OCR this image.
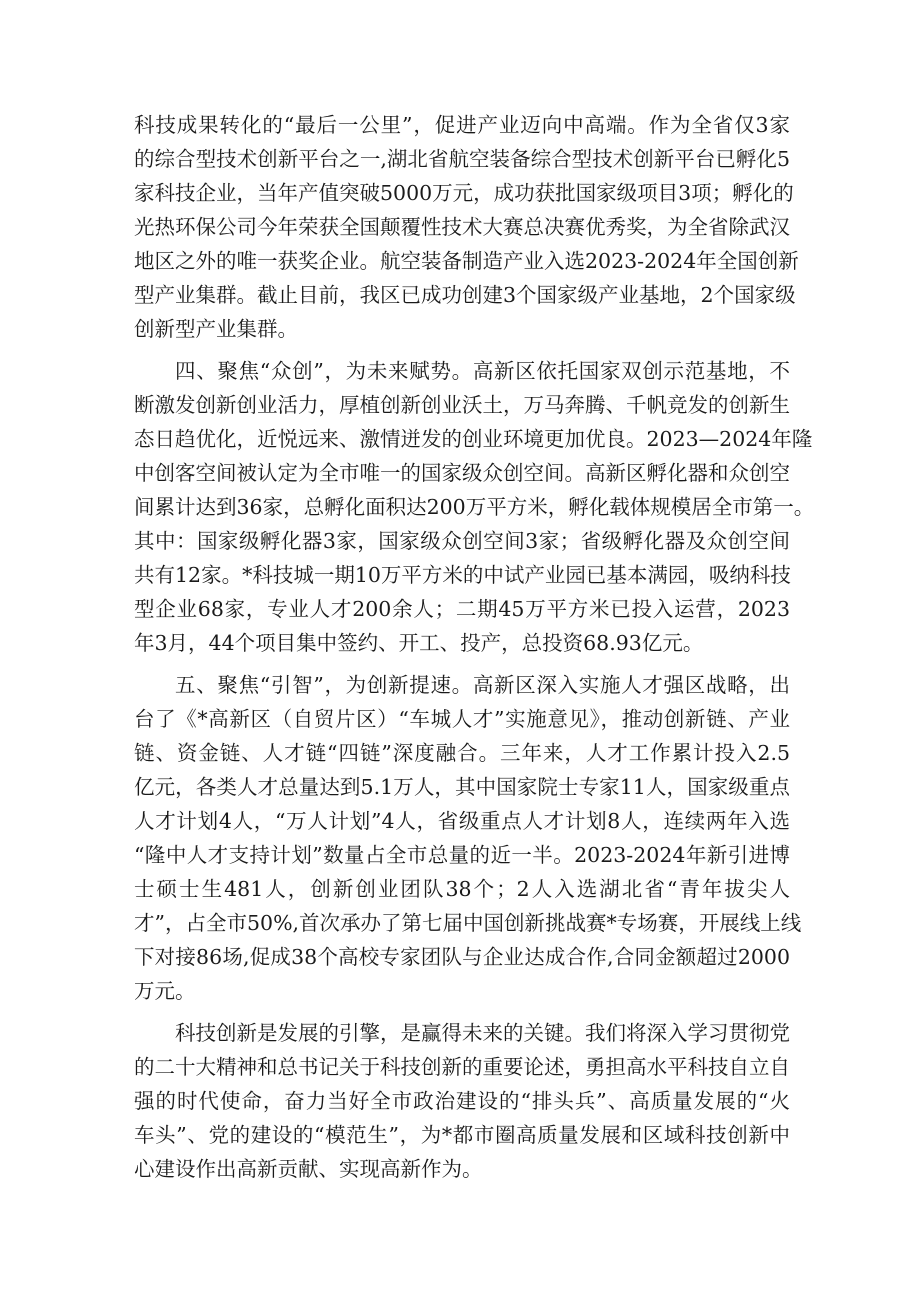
科技成果转化的“最后一公里”，促进产业迈向中高端。作为全省仅3家
的综合型技术创新平台之一,湖北省航空装备综合型技术创新平台已孵化5
家科技企业，当年产值突破5000万元，成功获批国家级项目3项；孵化的
光热环保公司今年荣获全国颠覆性技术大赛总决赛优秀奖，为全省除武汉
地区之外的唯一获奖企业。航空装备制造产业入选2023-2024年全国创新
型产业集群。截止目前，我区已成功创建3个国家级产业基地，2个国家级
创新型产业集群。
四、聚焦“众创”，为未来赋势。高新区依托国家双创示范基地，不
断激发创新创业活力，厚植创新创业沃土，万马奔腾、千帆竞发的创新生
态日趋优化，近悦远来、激情迸发的创业环境更加优良。2023—2024年隆
中创客空间被认定为全市唯一的国家级众创空间。高新区孵化器和众创空
间累计达到36家，总孵化面积达200万平方米，孵化载体规模居全市第一。
其中：国家级孵化器3家，国家级众创空间3家；省级孵化器及众创空间
共有12家。*科技城一期10万平方米的中试产业园已基本满园，吸纳科技
型企业68家，专业人才200余人；二期45万平方米已投入运营，2023
年3月，44个项目集中签约、开工、投产，总投资68.93亿元。
五、聚焦“引智”，为创新提速。高新区深入实施人才强区战略，出
台了《*高新区（自贸片区）“车城人才”实施意见》，推动创新链、产业
链、资金链、人才链“四链”深度融合。三年来，人才工作累计投入2.5
亿元，各类人才总量达到5.1万人，其中国家院士专家11人，国家级重点
人才计划4人，“万人计划”4人，省级重点人才计划8人，连续两年入选
“隆中人才支持计划”数量占全市总量的近一半。2023-2024年新引进博
士硕士生481人，创新创业团队38个；2人入选湖北省“青年拔尖人
才”，占全市50%,首次承办了第七届中国创新挑战赛*专场赛，开展线上线
下对接86场,促成38个高校专家团队与企业达成合作,合同金额超过2000
万元。
科技创新是发展的引擎，是赢得未来的关键。我们将深入学习贯彻党
的二十大精神和总书记关于科技创新的重要论述，勇担高水平科技自立自
强的时代使命，奋力当好全市政治建设的“排头兵”、高质量发展的“火
车头”、党的建设的“模范生”，为*都市圈高质量发展和区域科技创新中
心建设作出高新贡献、实现高新作为。
